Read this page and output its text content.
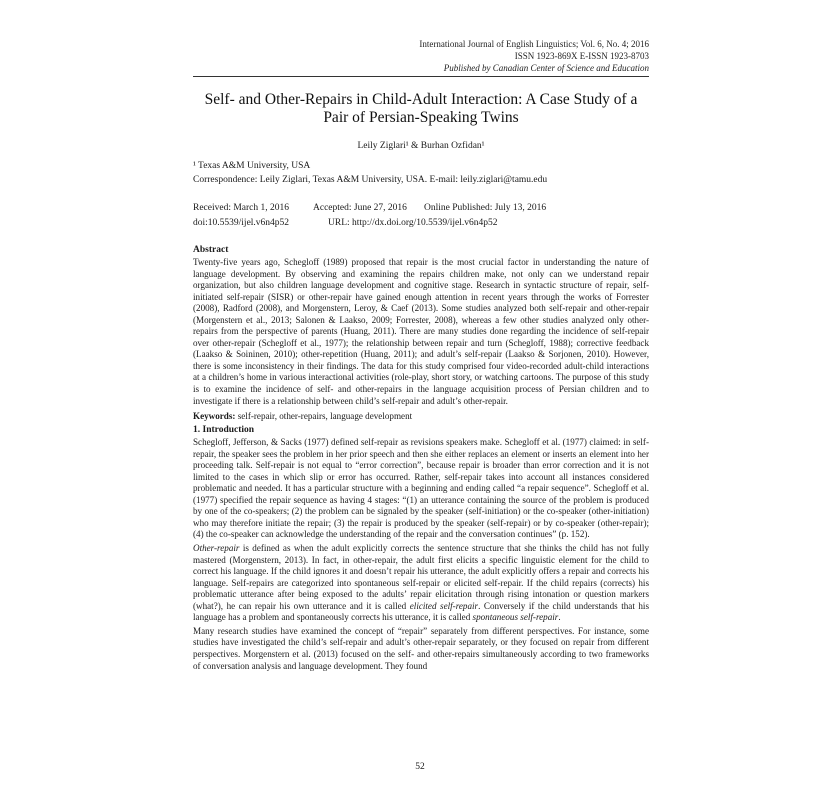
International Journal of English Linguistics; Vol. 6, No. 4; 2016
ISSN 1923-869X E-ISSN 1923-8703
Published by Canadian Center of Science and Education
Self- and Other-Repairs in Child-Adult Interaction: A Case Study of a
Pair of Persian-Speaking Twins
Leily Ziglari¹ & Burhan Ozfidan¹
¹ Texas A&M University, USA
Correspondence: Leily Ziglari, Texas A&M University, USA. E-mail: leily.ziglari@tamu.edu
Received: March 1, 2016	Accepted: June 27, 2016 Online Published: July 13, 2016
doi:10.5539/ijel.v6n4p52	URL: http://dx.doi.org/10.5539/ijel.v6n4p52
Abstract

Twenty-five years ago, Schegloff (1989) proposed that repair is the most crucial factor in understanding the nature of language development. By observing and examining the repairs children make, not only can we understand repair organization, but also children language development and cognitive stage. Research in syntactic structure of repair, self-initiated self-repair (SISR) or other-repair have gained enough attention in recent years through the works of Forrester (2008), Radford (2008), and Morgenstern, Leroy, & Caef (2013). Some studies analyzed both self-repair and other-repair (Morgenstern et al., 2013; Salonen & Laakso, 2009; Forrester, 2008), whereas a few other studies analyzed only other-repairs from the perspective of parents (Huang, 2011). There are many studies done regarding the incidence of self-repair over other-repair (Schegloff et al., 1977); the relationship between repair and turn (Schegloff, 1988); corrective feedback (Laakso & Soininen, 2010); other-repetition (Huang, 2011); and adult’s self-repair (Laakso & Sorjonen, 2010). However, there is some inconsistency in their findings. The data for this study comprised four video-recorded adult-child interactions at a children’s home in various interactional activities (role-play, short story, or watching cartoons. The purpose of this study is to examine the incidence of self- and other-repairs in the language acquisition process of Persian children and to investigate if there is a relationship between child’s self-repair and adult’s other-repair.

Keywords: self-repair, other-repairs, language development
1. Introduction

Schegloff, Jefferson, & Sacks (1977) defined self-repair as revisions speakers make. Schegloff et al. (1977) claimed: in self-repair, the speaker sees the problem in her prior speech and then she either replaces an element or inserts an element into her proceeding talk. Self-repair is not equal to “error correction”, because repair is broader than error correction and it is not limited to the cases in which slip or error has occurred. Rather, self-repair takes into account all instances considered problematic and needed. It has a particular structure with a beginning and ending called “a repair sequence”. Schegloff et al. (1977) specified the repair sequence as having 4 stages: “(1) an utterance containing the source of the problem is produced by one of the co-speakers; (2) the problem can be signaled by the speaker (self-initiation) or the co-speaker (other-initiation) who may therefore initiate the repair; (3) the repair is produced by the speaker (self-repair) or by co-speaker (other-repair); (4) the co-speaker can acknowledge the understanding of the repair and the conversation continues” (p. 152).

Other-repair is defined as when the adult explicitly corrects the sentence structure that she thinks the child has not fully mastered (Morgenstern, 2013). In fact, in other-repair, the adult first elicits a specific linguistic element for the child to correct his language. If the child ignores it and doesn’t repair his utterance, the adult explicitly offers a repair and corrects his language. Self-repairs are categorized into spontaneous self-repair or elicited self-repair. If the child repairs (corrects) his problematic utterance after being exposed to the adults’ repair elicitation through rising intonation or question markers (what?), he can repair his own utterance and it is called elicited self-repair. Conversely if the child understands that his language has a problem and spontaneously corrects his utterance, it is called spontaneous self-repair.

Many research studies have examined the concept of “repair” separately from different perspectives. For instance, some studies have investigated the child’s self-repair and adult’s other-repair separately, or they focused on repair from different perspectives. Morgenstern et al. (2013) focused on the self- and other-repairs simultaneously according to two frameworks of conversation analysis and language development. They found

52
